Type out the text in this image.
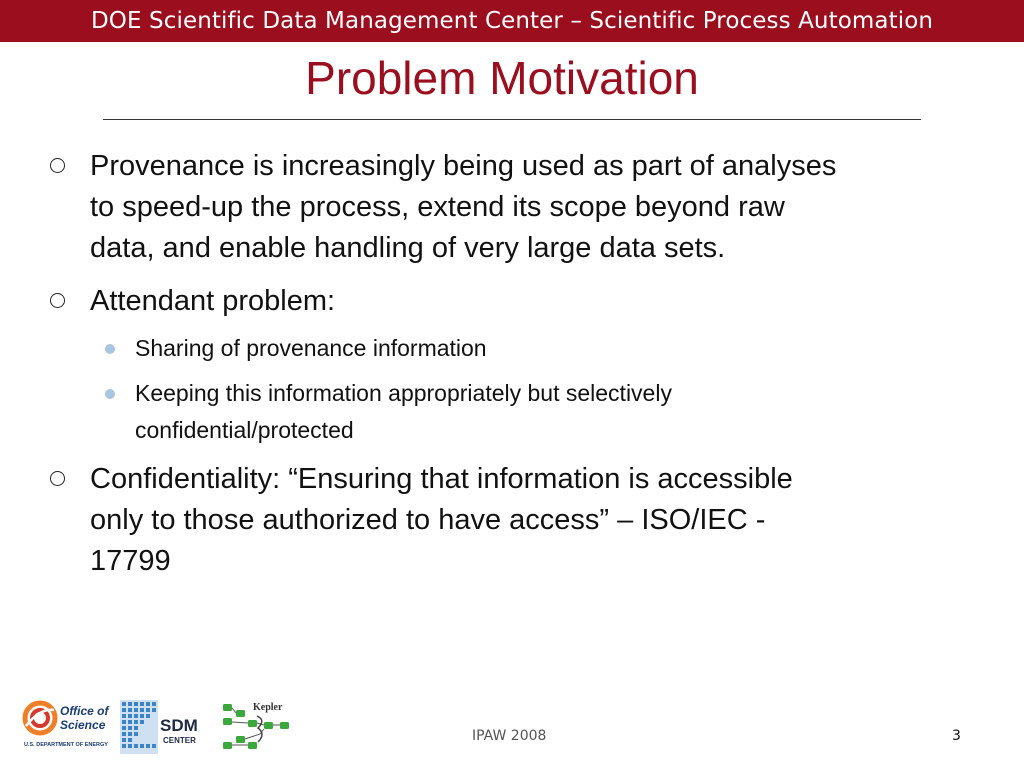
DOE Scientific Data Management Center – Scientific Process Automation
Problem Motivation
Provenance is increasingly being used as part of analyses
to speed-up the process, extend its scope beyond raw
data, and enable handling of very large data sets.
Attendant problem:
Sharing of provenance information
Keeping this information appropriately but selectively
confidential/protected
Confidentiality: “Ensuring that information is accessible
only to those authorized to have access” – ISO/IEC -
17799
Office of
Science
U.S. DEPARTMENT OF ENERGY
SDM
CENTER
Kepler
IPAW 2008	3
